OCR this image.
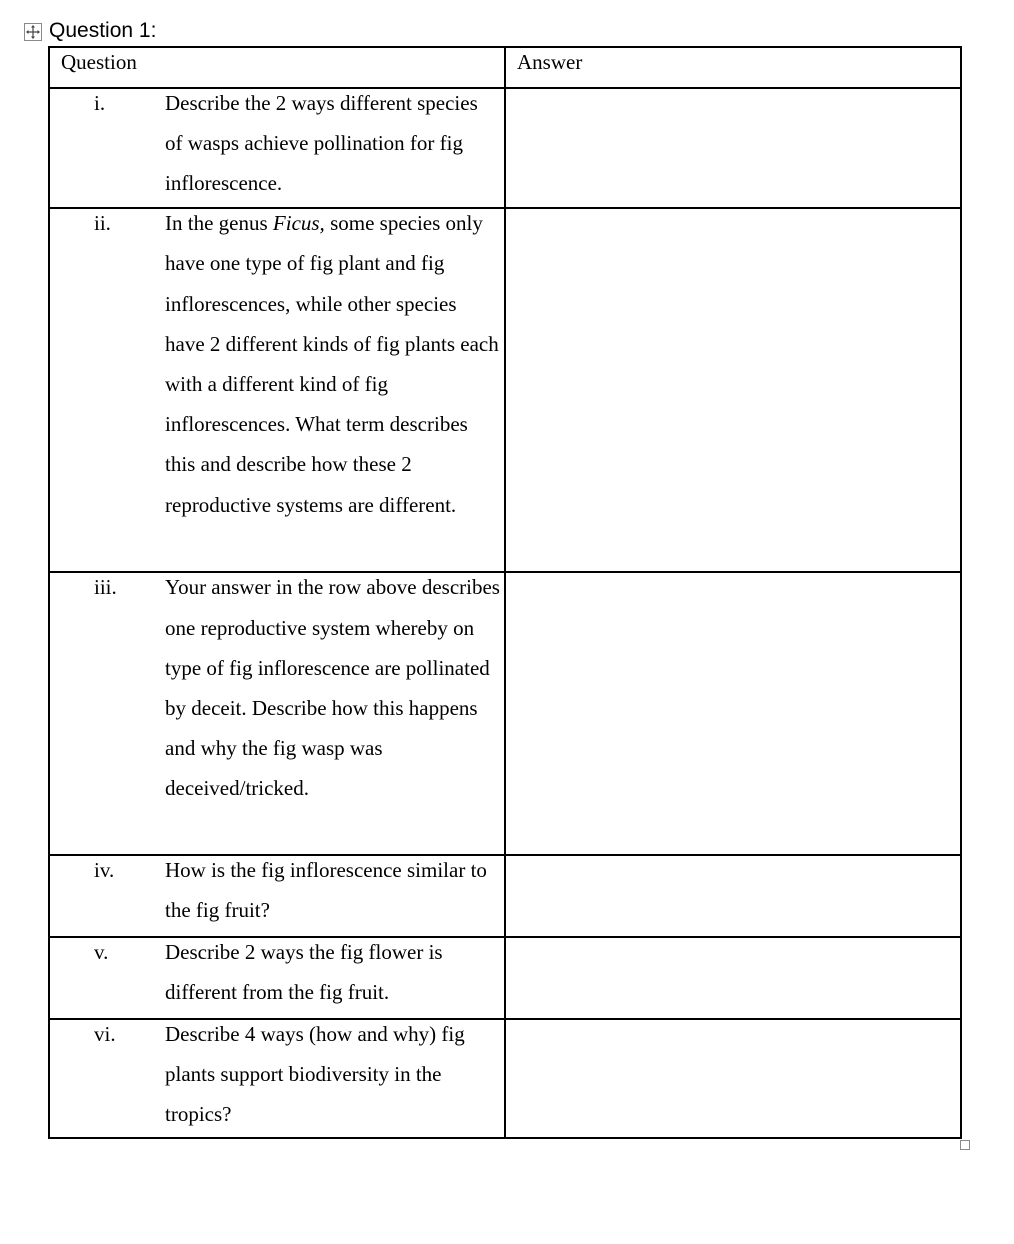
Question 1:
Question	Answer

i. Describe the 2 ways different species of wasps achieve pollination for fig inflorescence.	

ii. In the genus Ficus, some species only have one type of fig plant and fig inflorescences, while other species have 2 different kinds of fig plants each with a different kind of fig inflorescences. What term describes this and describe how these 2 reproductive systems are different.	

iii. Your answer in the row above describes one reproductive system whereby on type of fig inflorescence are pollinated by deceit. Describe how this happens and why the fig wasp was deceived/tricked.	

iv. How is the fig inflorescence similar to the fig fruit?	

v. Describe 2 ways the fig flower is different from the fig fruit.	

vi. Describe 4 ways (how and why) fig plants support biodiversity in the tropics?	
